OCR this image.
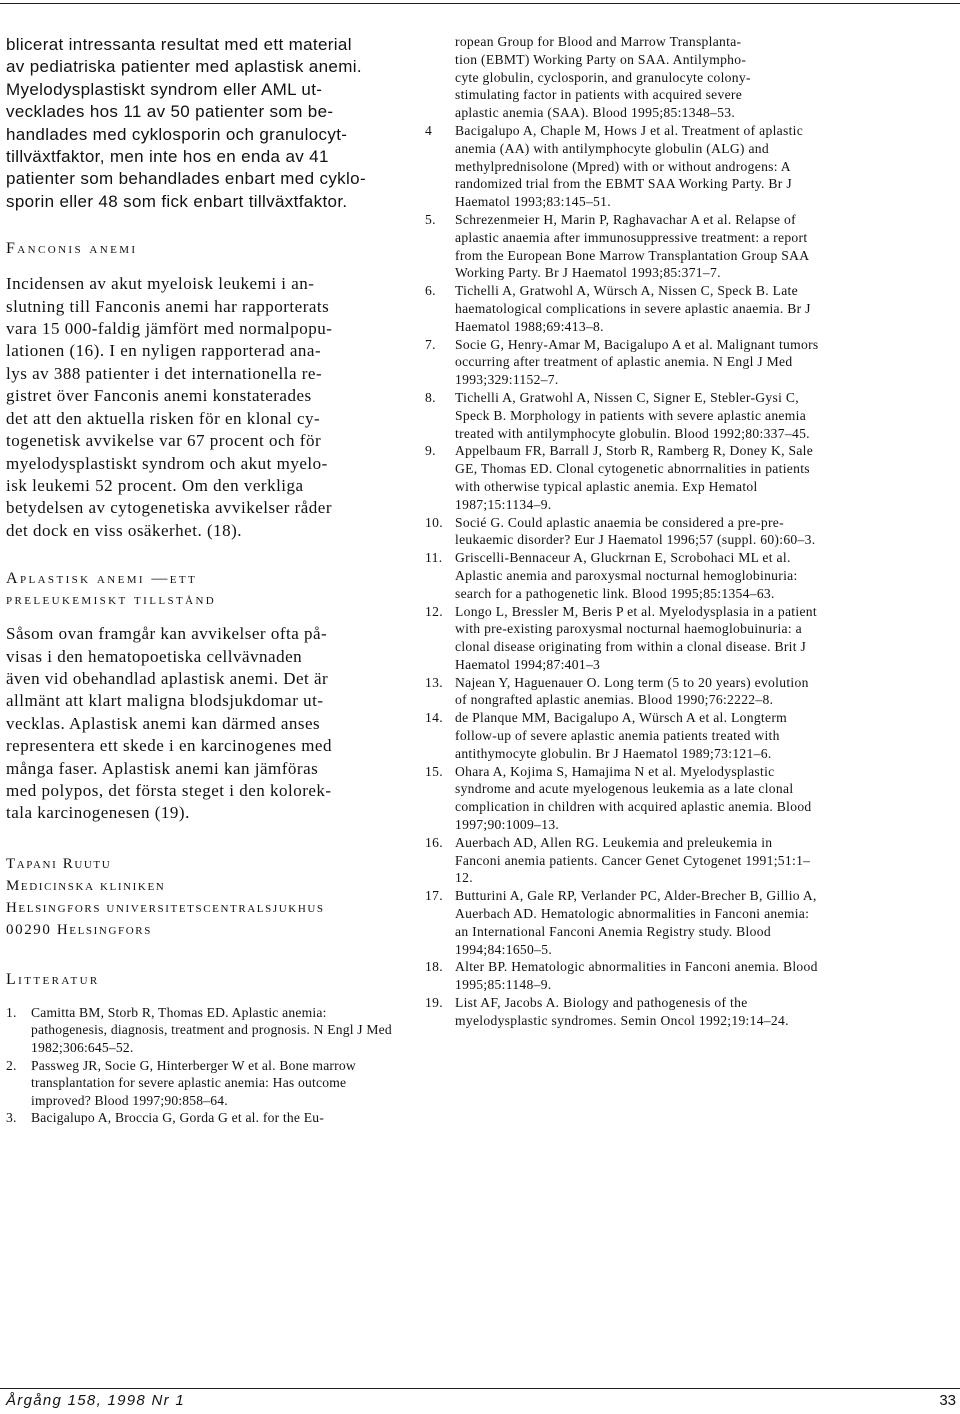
blicerat intressanta resultat med ett material
av pediatriska patienter med aplastisk anemi.
Myelodysplastiskt syndrom eller AML ut-
vecklades hos 11 av 50 patienter som be-
handlades med cyklosporin och granulocyt-
tillväxtfaktor, men inte hos en enda av 41
patienter som behandlades enbart med cyklo-
sporin eller 48 som fick enbart tillväxtfaktor.

Fanconis anemi

Incidensen av akut myeloisk leukemi i an-
slutning till Fanconis anemi har rapporterats
vara 15 000-faldig jämfört med normalpopu-
lationen (16). I en nyligen rapporterad ana-
lys av 388 patienter i det internationella re-
gistret över Fanconis anemi konstaterades
det att den aktuella risken för en klonal cy-
togenetisk avvikelse var 67 procent och för
myelodysplastiskt syndrom och akut myelo-
isk leukemi 52 procent. Om den verkliga
betydelsen av cytogenetiska avvikelser råder
det dock en viss osäkerhet. (18).

Aplastisk anemi —ett
preleukemiskt tillstånd

Såsom ovan framgår kan avvikelser ofta på-
visas i den hematopoetiska cellvävnaden
även vid obehandlad aplastisk anemi. Det är
allmänt att klart maligna blodsjukdomar ut-
vecklas. Aplastisk anemi kan därmed anses
representera ett skede i en karcinogenes med
många faser. Aplastisk anemi kan jämföras
med polypos, det första steget i den kolorek-
tala karcinogenesen (19).

Tapani Ruutu
Medicinska kliniken
Helsingfors universitetscentralsjukhus
00290 Helsingfors
Litteratur
1. Camitta BM, Storb R, Thomas ED. Aplastic anemia: pathogenesis, diagnosis, treatment and prognosis. N Engl J Med 1982;306:645–52.
2. Passweg JR, Socie G, Hinterberger W et al. Bone marrow transplantation for severe aplastic anemia: Has outcome improved? Blood 1997;90:858–64.
3. Bacigalupo A, Broccia G, Gorda G et al. for the Eu-

ropean Group for Blood and Marrow Transplanta-
tion (EBMT) Working Party on SAA. Antilympho-
cyte globulin, cyclosporin, and granulocyte colony-
stimulating factor in patients with acquired severe
aplastic anemia (SAA). Blood 1995;85:1348–53.

4 Bacigalupo A, Chaple M, Hows J et al. Treatment of aplastic anemia (AA) with antilymphocyte globulin (ALG) and methylprednisolone (Mpred) with or without androgens: A randomized trial from the EBMT SAA Working Party. Br J Haematol 1993;83:145–51.
5. Schrezenmeier H, Marin P, Raghavachar A et al. Relapse of aplastic anaemia after immunosuppressive treatment: a report from the European Bone Marrow Transplantation Group SAA Working Party. Br J Haematol 1993;85:371–7.
6. Tichelli A, Gratwohl A, Würsch A, Nissen C, Speck B. Late haematological complications in severe aplastic anaemia. Br J Haematol 1988;69:413–8.
7. Socie G, Henry-Amar M, Bacigalupo A et al. Malignant tumors occurring after treatment of aplastic anemia. N Engl J Med 1993;329:1152–7.
8. Tichelli A, Gratwohl A, Nissen C, Signer E, Stebler-Gysi C, Speck B. Morphology in patients with severe aplastic anemia treated with antilymphocyte globulin. Blood 1992;80:337–45.
9. Appelbaum FR, Barrall J, Storb R, Ramberg R, Doney K, Sale GE, Thomas ED. Clonal cytogenetic abnorrnalities in patients with otherwise typical aplastic anemia. Exp Hematol 1987;15:1134–9.
10. Socié G. Could aplastic anaemia be considered a pre-pre-leukaemic disorder? Eur J Haematol 1996;57 (suppl. 60):60–3.
11. Griscelli-Bennaceur A, Gluckrnan E, Scrobohaci ML et al. Aplastic anemia and paroxysmal nocturnal hemoglobinuria: search for a pathogenetic link. Blood 1995;85:1354–63.
12. Longo L, Bressler M, Beris P et al. Myelodysplasia in a patient with pre-existing paroxysmal nocturnal haemoglobuinuria: a clonal disease originating from within a clonal disease. Brit J Haematol 1994;87:401–3
13. Najean Y, Haguenauer O. Long term (5 to 20 years) evolution of nongrafted aplastic anemias. Blood 1990;76:2222–8.
14. de Planque MM, Bacigalupo A, Würsch A et al. Longterm follow-up of severe aplastic anemia patients treated with antithymocyte globulin. Br J Haematol 1989;73:121–6.
15. Ohara A, Kojima S, Hamajima N et al. Myelodysplastic syndrome and acute myelogenous leukemia as a late clonal complication in children with acquired aplastic anemia. Blood 1997;90:1009–13.
16. Auerbach AD, Allen RG. Leukemia and preleukemia in Fanconi anemia patients. Cancer Genet Cytogenet 1991;51:1–12.
17. Butturini A, Gale RP, Verlander PC, Alder-Brecher B, Gillio A, Auerbach AD. Hematologic abnormalities in Fanconi anemia: an International Fanconi Anemia Registry study. Blood 1994;84:1650–5.
18. Alter BP. Hematologic abnormalities in Fanconi anemia. Blood 1995;85:1148–9.
19. List AF, Jacobs A. Biology and pathogenesis of the myelodysplastic syndromes. Semin Oncol 1992;19:14–24.
Årgång 158, 1998 Nr 1	33
